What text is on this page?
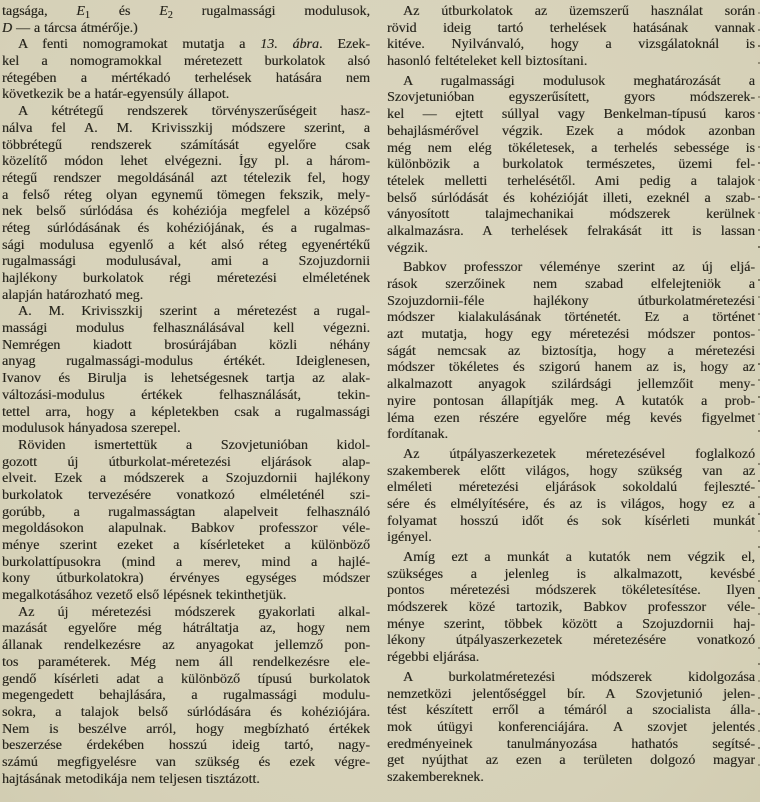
tagsága, $E_1$ és $E_2$ rugalmassági modulusok,
D — a tárcsa átmérője.)
A fenti nomogramokat mutatja a 13. ábra. Ezek-
kel a nomogramokkal méretezett burkolatok alsó
rétegében a mértékadó terhelések hatására nem
következik be a határ-egyensúly állapot.
A kétrétegű rendszerek törvényszerűségeit hasz-
nálva fel A. M. Krivisszkij módszere szerint, a
többrétegű rendszerek számítását egyelőre csak
közelítő módon lehet elvégezni. Így pl. a három-
rétegű rendszer megoldásánál azt tételezik fel, hogy
a felső réteg olyan egynemű tömegen fekszik, mely-
nek belső súrlódása és kohéziója megfelel a középső
réteg súrlódásának és kohéziójának, és a rugalmas-
sági modulusa egyenlő a két alsó réteg egyenértékű
rugalmassági modulusával, ami a Szojuzdornii
hajlékony burkolatok régi méretezési elméletének
alapján határozható meg.
A. M. Krivisszkij szerint a méretezést a rugal-
massági modulus felhasználásával kell végezni.
Nemrégen kiadott brosúrájában közli néhány
anyag rugalmassági-modulus értékét. Ideiglenesen,
Ivanov és Birulja is lehetségesnek tartja az alak-
változási-modulus értékek felhasználását, tekin-
tettel arra, hogy a képletekben csak a rugalmassági
modulusok hányadosa szerepel.
Röviden ismertettük a Szovjetunióban kidol-
gozott új útburkolat-méretezési eljárások alap-
elveit. Ezek a módszerek a Szojuzdornii hajlékony
burkolatok tervezésére vonatkozó elméleténél szi-
gorúbb, a rugalmasságtan alapelveit felhasználó
megoldásokon alapulnak. Babkov professzor véle-
ménye szerint ezeket a kísérleteket a különböző
burkolattípusokra (mind a merev, mind a hajlé-
kony útburkolatokra) érvényes egységes módszer
megalkotásához vezető első lépésnek tekinthetjük.
Az új méretezési módszerek gyakorlati alkal-
mazását egyelőre még hátráltatja az, hogy nem
állanak rendelkezésre az anyagokat jellemző pon-
tos paraméterek. Még nem áll rendelkezésre ele-
gendő kísérleti adat a különböző típusú burkolatok
megengedett behajlására, a rugalmassági modulu-
sokra, a talajok belső súrlódására és kohéziójára.
Nem is beszélve arról, hogy megbízható értékek
beszerzése érdekében hosszú ideig tartó, nagy-
számú megfigyelésre van szükség és ezek végre-
hajtásának metodikája nem teljesen tisztázott.
Az útburkolatok az üzemszerű használat során
rövid ideig tartó terhelések hatásának vannak
kitéve. Nyilvánvaló, hogy a vizsgálatoknál is
hasonló feltételeket kell biztosítani.
A rugalmassági modulusok meghatározását a
Szovjetunióban egyszerűsített, gyors módszerek-
kel — ejtett súllyal vagy Benkelman-típusú karos
behajlásmérővel végzik. Ezek a módok azonban
még nem elég tökéletesek, a terhelés sebessége is
különbözik a burkolatok természetes, üzemi fel-
tételek melletti terhelésétől. Ami pedig a talajok
belső súrlódását és kohézióját illeti, ezeknél a szab-
ványosított talajmechanikai módszerek kerülnek
alkalmazásra. A terhelések felrakását itt is lassan
végzik.
Babkov professzor véleménye szerint az új eljá-
rások szerzőinek nem szabad elfelejteniök a
Szojuzdornii-féle hajlékony útburkolatméretezési
módszer kialakulásának történetét. Ez a történet
azt mutatja, hogy egy méretezési módszer pontos-
ságát nemcsak az biztosítja, hogy a méretezési
módszer tökéletes és szigorú hanem az is, hogy az
alkalmazott anyagok szilárdsági jellemzőit meny-
nyire pontosan állapítják meg. A kutatók a prob-
léma ezen részére egyelőre még kevés figyelmet
fordítanak.
Az útpályaszerkezetek méretezésével foglalkozó
szakemberek előtt világos, hogy szükség van az
elméleti méretezési eljárások sokoldalú fejleszté-
sére és elmélyítésére, és az is világos, hogy ez a
folyamat hosszú időt és sok kísérleti munkát
igényel.
Amíg ezt a munkát a kutatók nem végzik el,
szükséges a jelenleg is alkalmazott, kevésbé
pontos méretezési módszerek tökéletesítése. Ilyen
módszerek közé tartozik, Babkov professzor véle-
ménye szerint, többek között a Szojuzdornii haj-
lékony útpályaszerkezetek méretezésére vonatkozó
régebbi eljárása.
A burkolatméretezési módszerek kidolgozása
nemzetközi jelentőséggel bír. A Szovjetunió jelen-
tést készített erről a témáról a szocialista álla-
mok útügyi konferenciájára. A szovjet jelentés
eredményeinek tanulmányozása hathatós segítsé-
get nyújthat az ezen a területen dolgozó magyar
szakembereknek.
